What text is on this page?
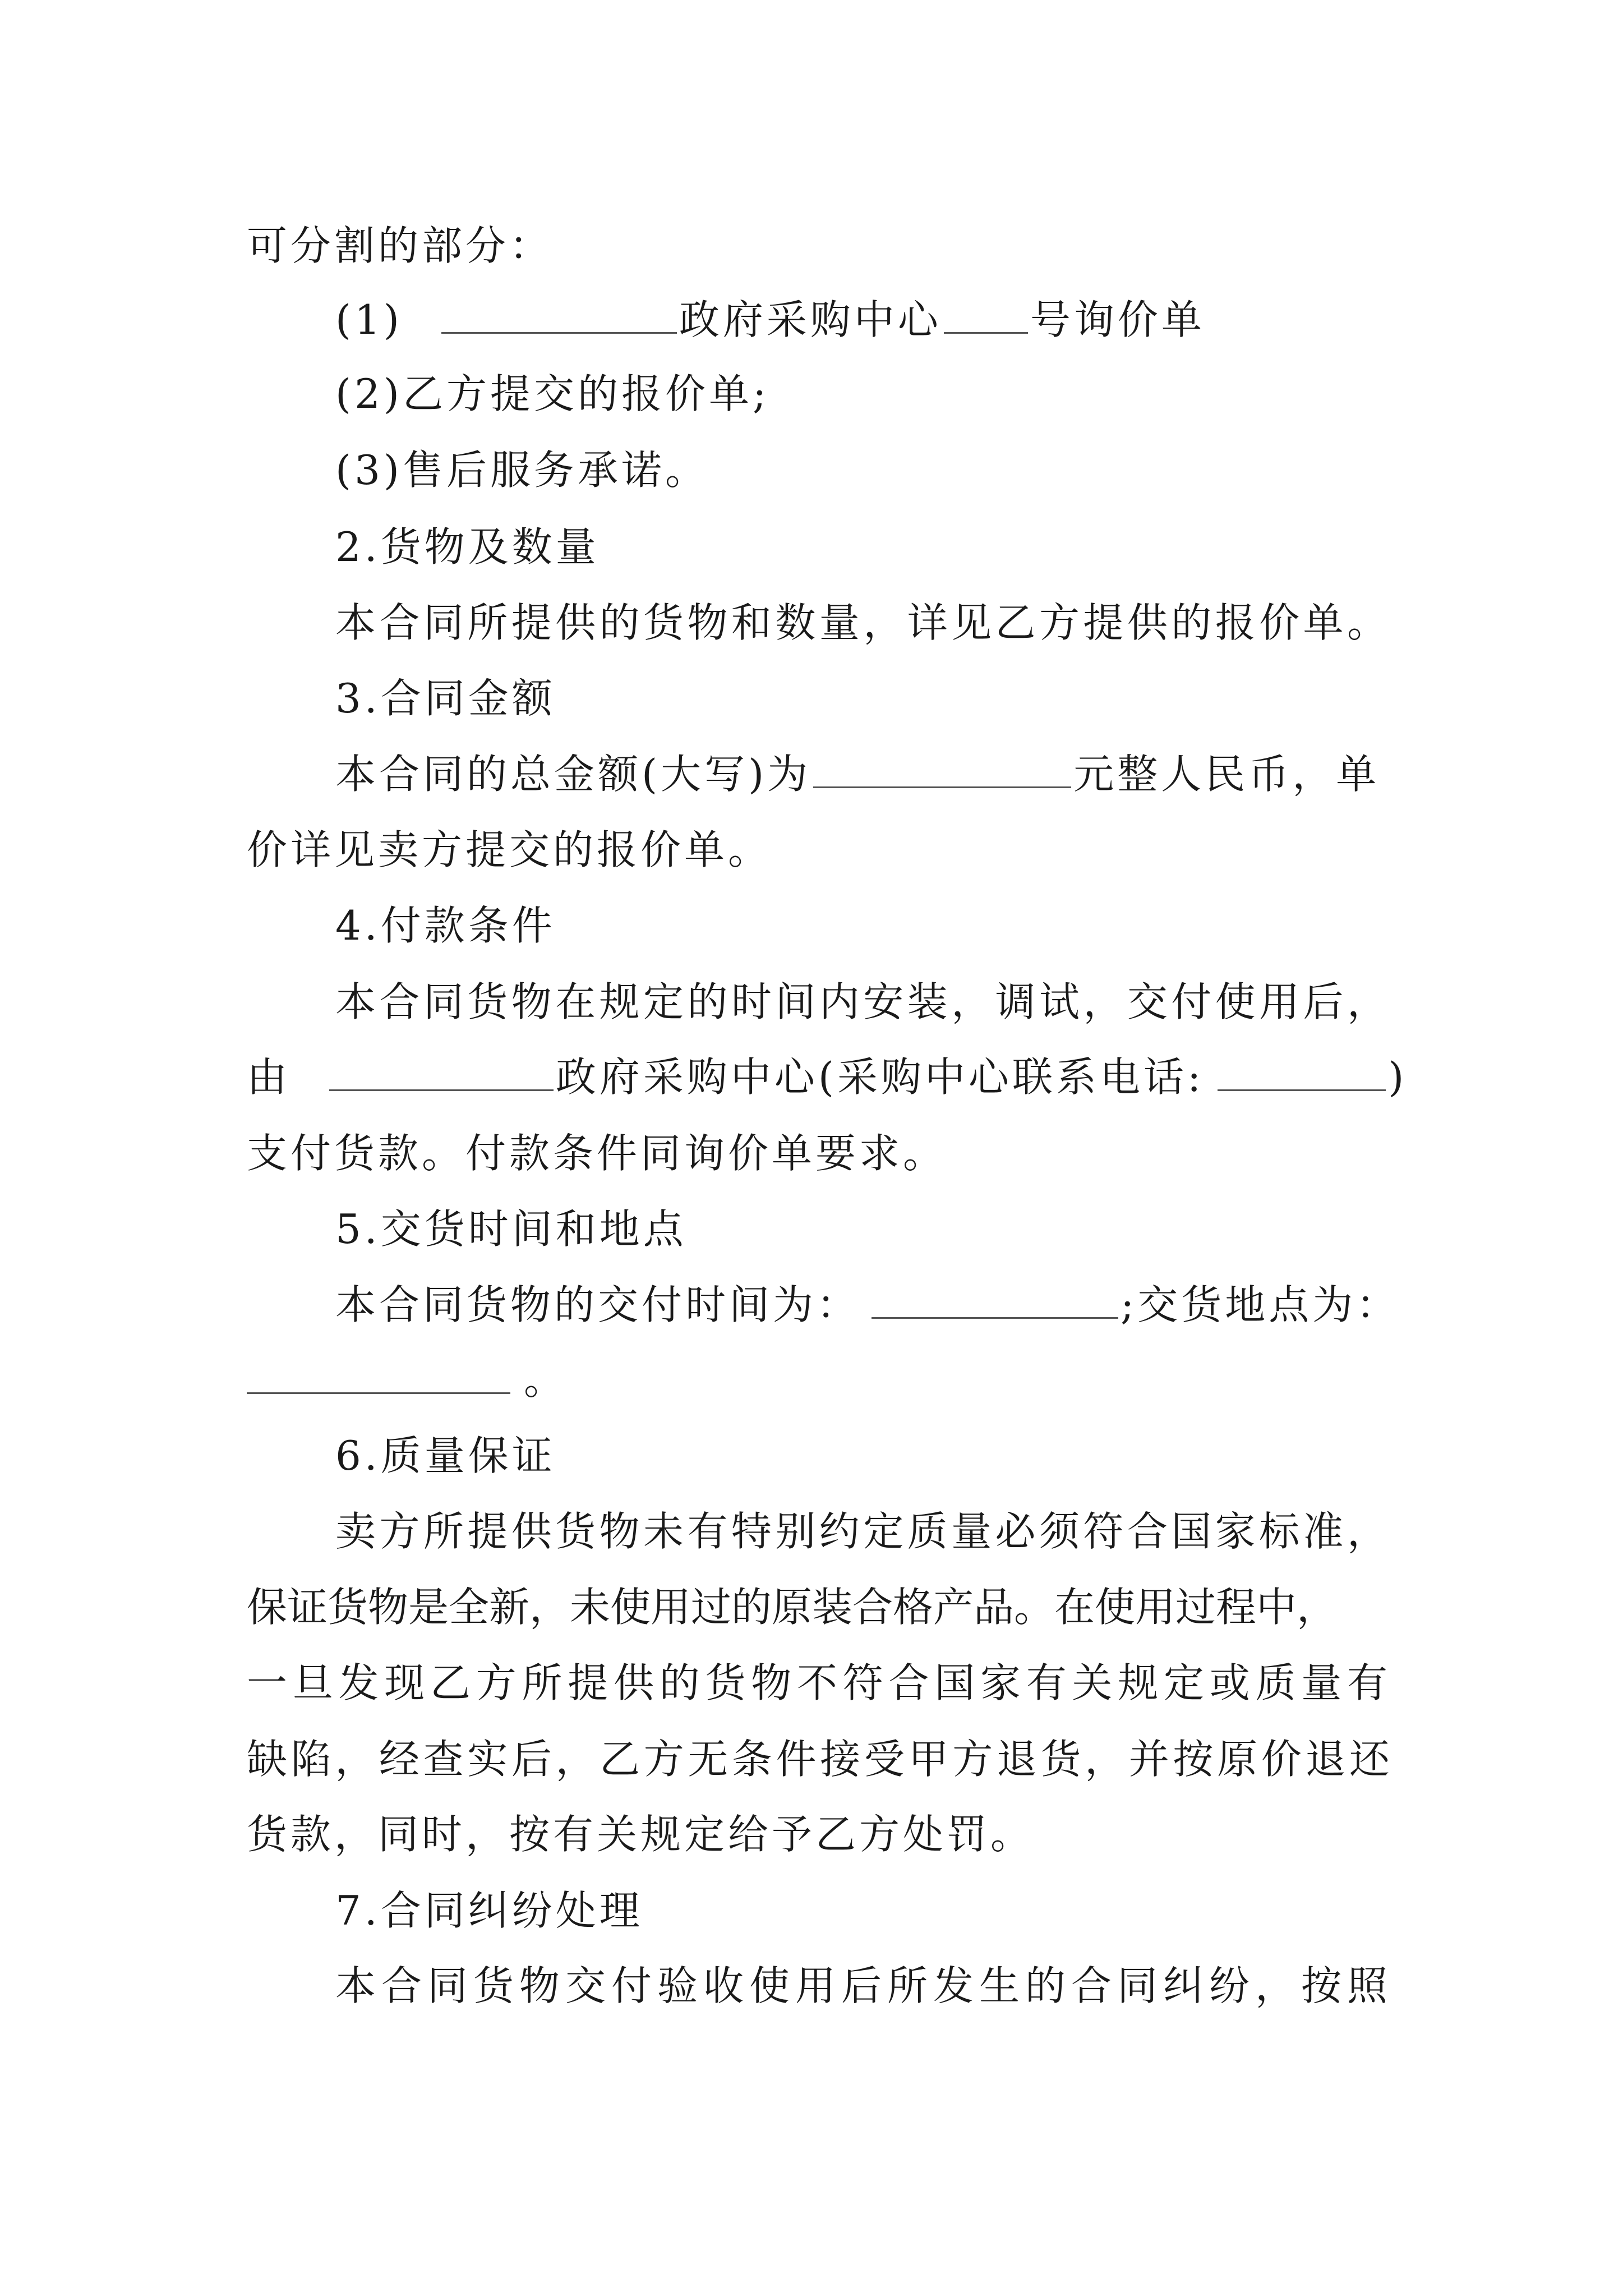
可分割的部分：
(1)	政府采购中心 号询价单
(2)乙方提交的报价单;
(3)售后服务承诺。
2.货物及数量
本合同所提供的货物和数量，详见乙方提供的报价单。
3.合同金额
本合同的总金额(大写)为	元整人民币，单
价详见卖方提交的报价单。
4.付款条件
本合同货物在规定的时间内安装，调试，交付使用后，
由	政府采购中心(采购中心联系电话:	)
支付货款。付款条件同询价单要求。
5.交货时间和地点
本合同货物的交付时间为：	;交货地点为：
。
6.质量保证
卖方所提供货物未有特别约定质量必须符合国家标准，
保证货物是全新，未使用过的原装合格产品。在使用过程中，
一旦发现乙方所提供的货物不符合国家有关规定或质量有
缺陷，经查实后，乙方无条件接受甲方退货，并按原价退还
货款，同时，按有关规定给予乙方处罚。
7.合同纠纷处理
本合同货物交付验收使用后所发生的合同纠纷，按照
